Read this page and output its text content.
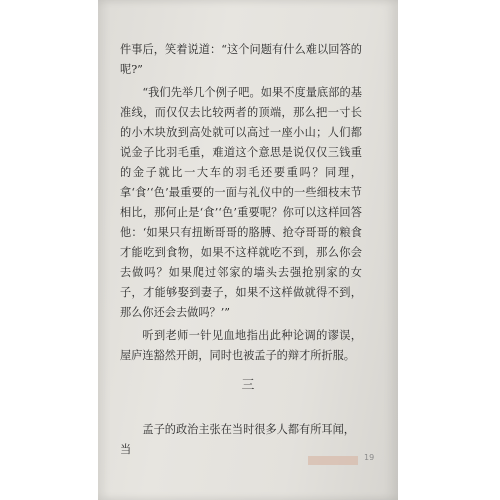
件事后，笑着说道：“这个问题有什么难以回答的呢?”

“我们先举几个例子吧。如果不度量底部的基准线，而仅仅去比较两者的顶端，那么把一寸长的小木块放到高处就可以高过一座小山；人们都说金子比羽毛重，难道这个意思是说仅仅三钱重的金子就比一大车的羽毛还要重吗？同理，拿‘食’‘色’最重要的一面与礼仪中的一些细枝末节相比，那何止是‘食’‘色’重要呢？你可以这样回答他：‘如果只有扭断哥哥的胳膊、抢夺哥哥的粮食才能吃到食物，如果不这样就吃不到，那么你会去做吗？如果爬过邻家的墙头去强抢别家的女子，才能够娶到妻子，如果不这样做就得不到，那么你还会去做吗？’”

听到老师一针见血地指出此种论调的谬误，屋庐连豁然开朗，同时也被孟子的辩才所折服。

三

孟子的政治主张在当时很多人都有所耳闻，当

19
